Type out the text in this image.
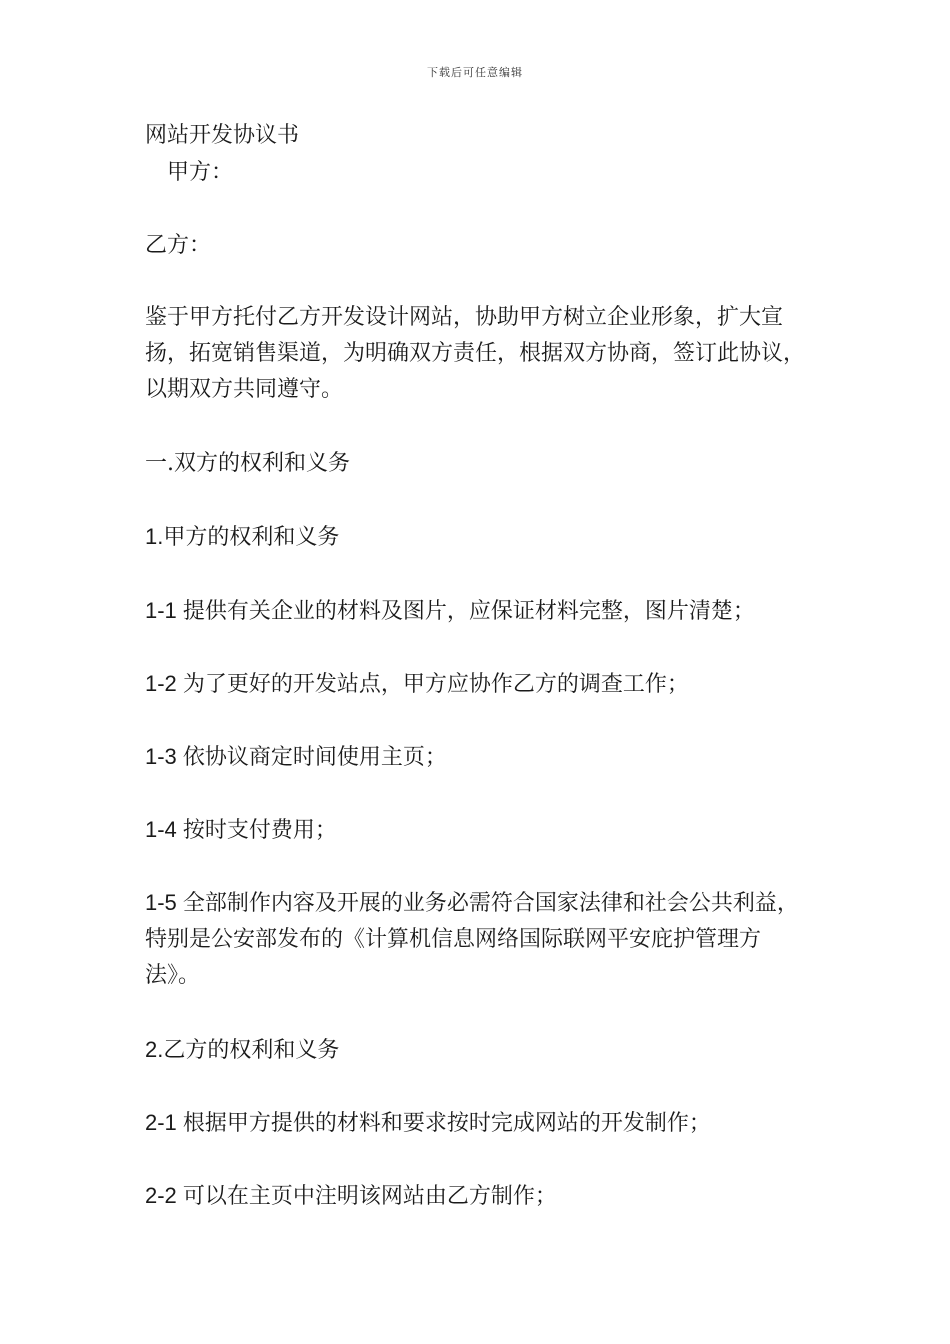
下载后可任意编辑
网站开发协议书
甲方：
乙方：
鉴于甲方托付乙方开发设计网站，协助甲方树立企业形象，扩大宣
扬，拓宽销售渠道，为明确双方责任，根据双方协商，签订此协议，
以期双方共同遵守。
一.双方的权利和义务
1.甲方的权利和义务
1-1 提供有关企业的材料及图片，应保证材料完整，图片清楚；
1-2 为了更好的开发站点，甲方应协作乙方的调查工作；
1-3 依协议商定时间使用主页；
1-4 按时支付费用；
1-5 全部制作内容及开展的业务必需符合国家法律和社会公共利益，
特别是公安部发布的《计算机信息网络国际联网平安庇护管理方
法》。
2.乙方的权利和义务
2-1 根据甲方提供的材料和要求按时完成网站的开发制作；
2-2 可以在主页中注明该网站由乙方制作；
